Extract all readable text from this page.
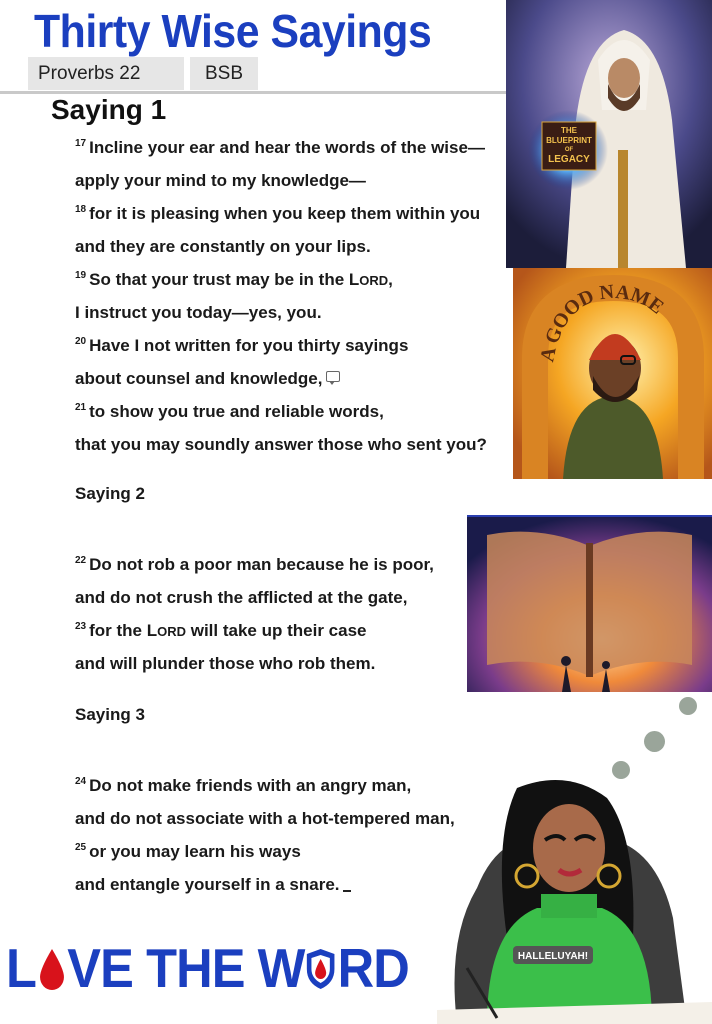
Thirty Wise Sayings
Proverbs 22	BSB
Saying 1
$^{17}$ Incline your ear and hear the words of the wise—
apply your mind to my knowledge—
$^{18}$ for it is pleasing when you keep them within you
and they are constantly on your lips.
$^{19}$ So that your trust may be in the LORD,
I instruct you today—yes, you.
$^{20}$ Have I not written for you thirty sayings
about counsel and knowledge,
$^{21}$ to show you true and reliable words,
that you may soundly answer those who sent you?
Saying 2
$^{22}$ Do not rob a poor man because he is poor,
and do not crush the afflicted at the gate,
$^{23}$ for the LORD will take up their case
and will plunder those who rob them.
Saying 3
$^{24}$ Do not make friends with an angry man,
and do not associate with a hot-tempered man,
$^{25}$ or you may learn his ways
and entangle yourself in a snare.
THE
BLUEPRINT
OF
LEGACY
A GOOD NAME
HALLELUYAH!
L VE THE W RD
